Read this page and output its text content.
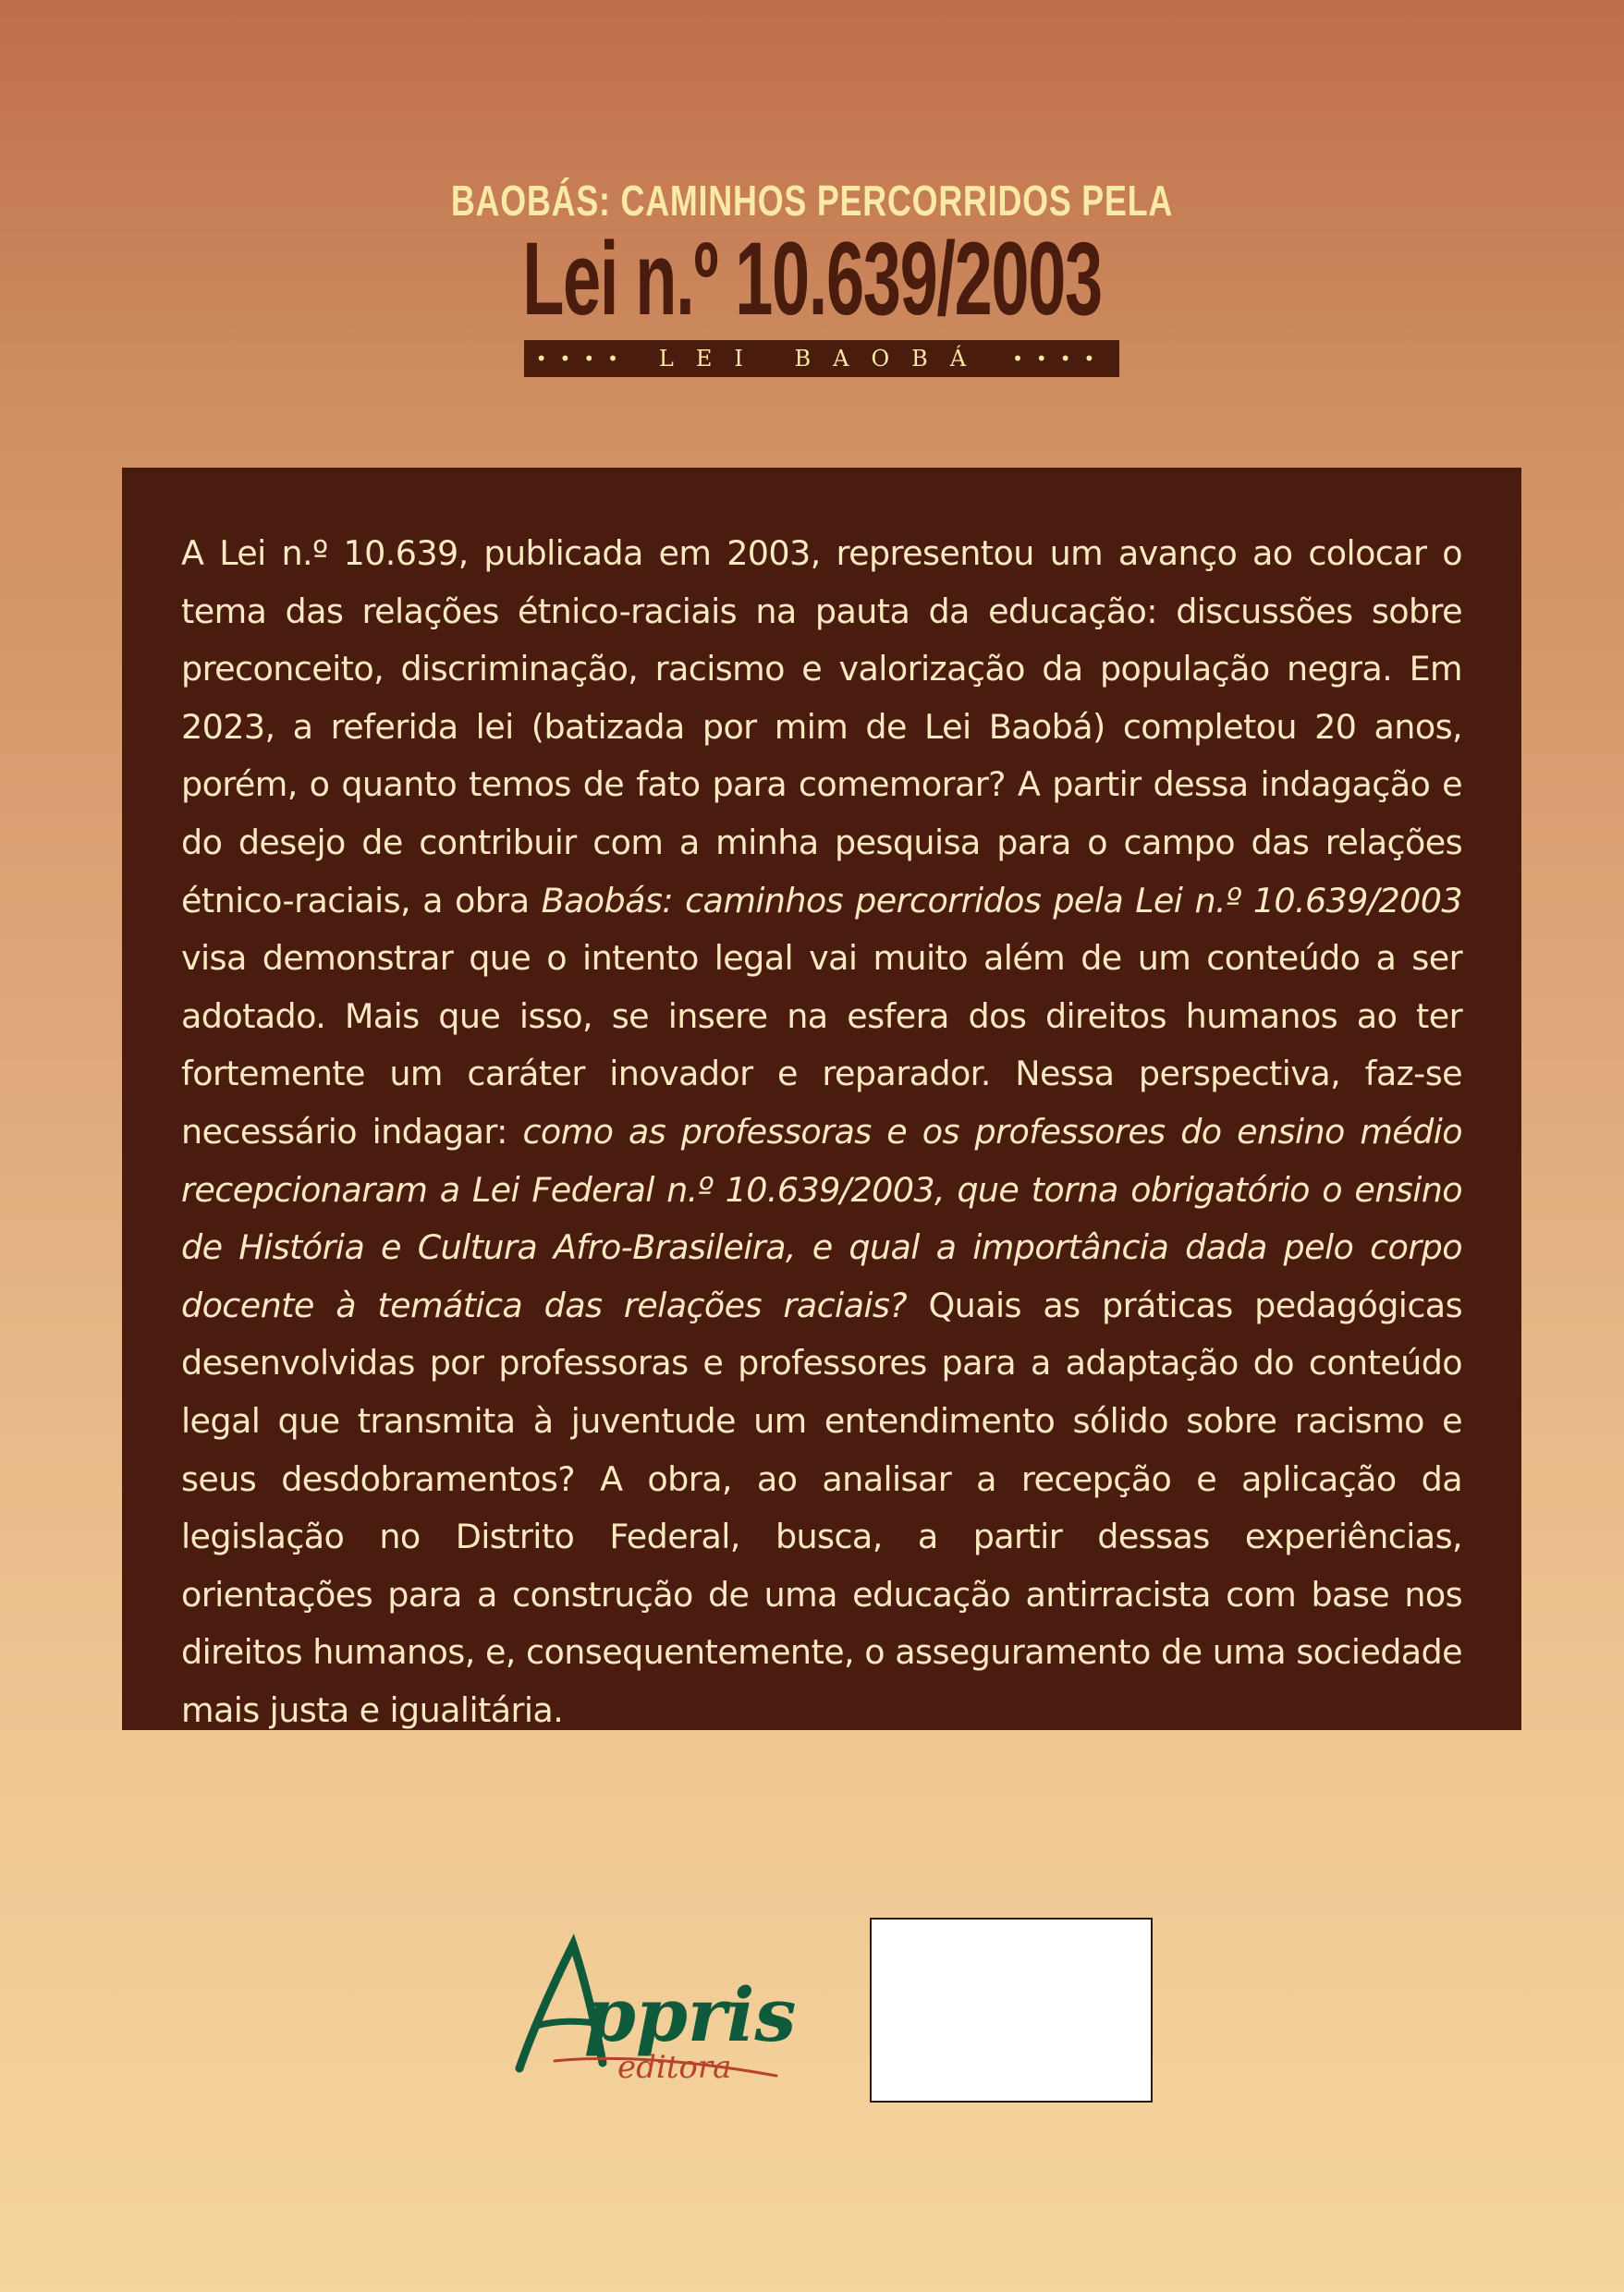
BAOBÁS: CAMINHOS PERCORRIDOS PELA
Lei n.º 10.639/2003
•••• LEI BAOBÁ ••••

A Lei n.º 10.639, publicada em 2003, representou um avanço ao colocar o tema das relações étnico-raciais na pauta da educação: discussões sobre preconceito, discriminação, racismo e valorização da população negra. Em 2023, a referida lei (batizada por mim de Lei Baobá) completou 20 anos, porém, o quanto temos de fato para comemorar? A partir dessa indagação e do desejo de contribuir com a minha pesquisa para o campo das relações étnico-raciais, a obra Baobás: caminhos percorridos pela Lei n.º 10.639/2003 visa demonstrar que o intento legal vai muito além de um conteúdo a ser adotado. Mais que isso, se insere na esfera dos direitos humanos ao ter fortemente um caráter inovador e reparador. Nessa perspectiva, faz-se necessário indagar: como as professoras e os professores do ensino médio recepcionaram a Lei Federal n.º 10.639/2003, que torna obrigatório o ensino de História e Cultura Afro-Brasileira, e qual a importância dada pelo corpo docente à temática das relações raciais? Quais as práticas pedagógicas desenvolvidas por professoras e professores para a adaptação do conteúdo legal que transmita à juventude um entendimento sólido sobre racismo e seus desdobramentos? A obra, ao analisar a recepção e aplicação da legislação no Distrito Federal, busca, a partir dessas experiências, orientações para a construção de uma educação antirracista com base nos direitos humanos, e, consequentemente, o asseguramento de uma sociedade mais justa e igualitária.

ppris
editora
